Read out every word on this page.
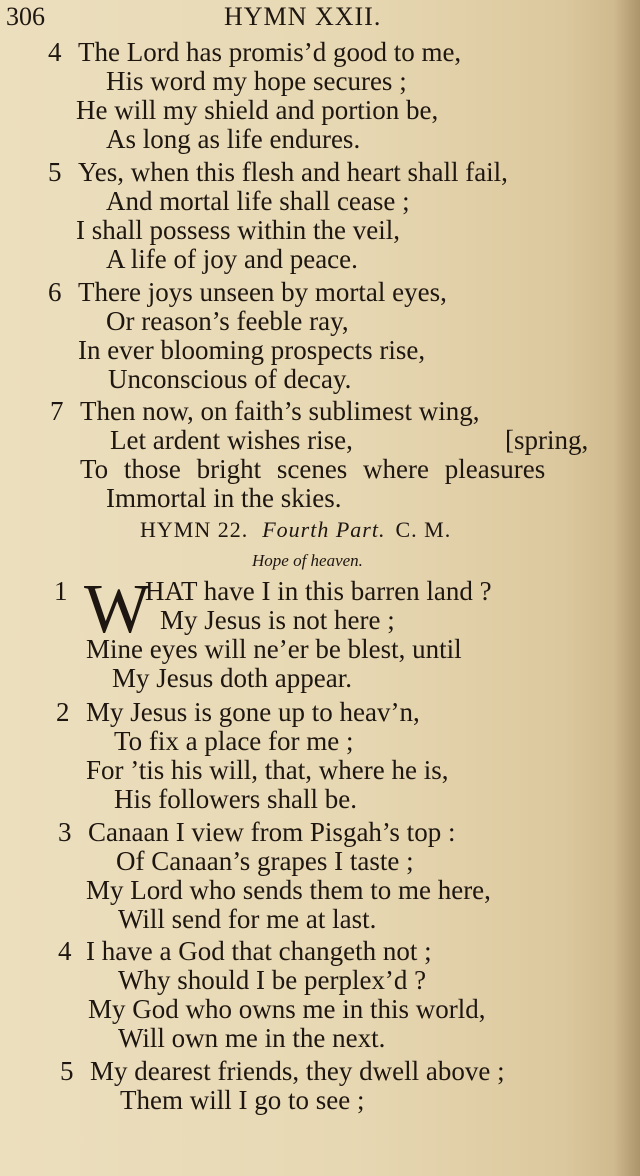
306	HYMN XXII.
4 The Lord has promis’d good to me,
His word my hope secures ;
He will my shield and portion be,
As long as life endures.
5 Yes, when this flesh and heart shall fail,
And mortal life shall cease ;
I shall possess within the veil,
A life of joy and peace.
6 There joys unseen by mortal eyes,
Or reason’s feeble ray,
In ever blooming prospects rise,
Unconscious of decay.
7 Then now, on faith’s sublimest wing,
Let ardent wishes rise,	[spring,
To those bright scenes where pleasures
Immortal in the skies.
HYMN 22. Fourth Part. C. M.
Hope of heaven.
W
1	HAT have I in this barren land ?
My Jesus is not here ;
Mine eyes will ne’er be blest, until
My Jesus doth appear.
2 My Jesus is gone up to heav’n,
To fix a place for me ;
For ’tis his will, that, where he is,
His followers shall be.
3 Canaan I view from Pisgah’s top :
Of Canaan’s grapes I taste ;
My Lord who sends them to me here,
Will send for me at last.
4 I have a God that changeth not ;
Why should I be perplex’d ?
My God who owns me in this world,
Will own me in the next.
5 My dearest friends, they dwell above ;
Them will I go to see ;
